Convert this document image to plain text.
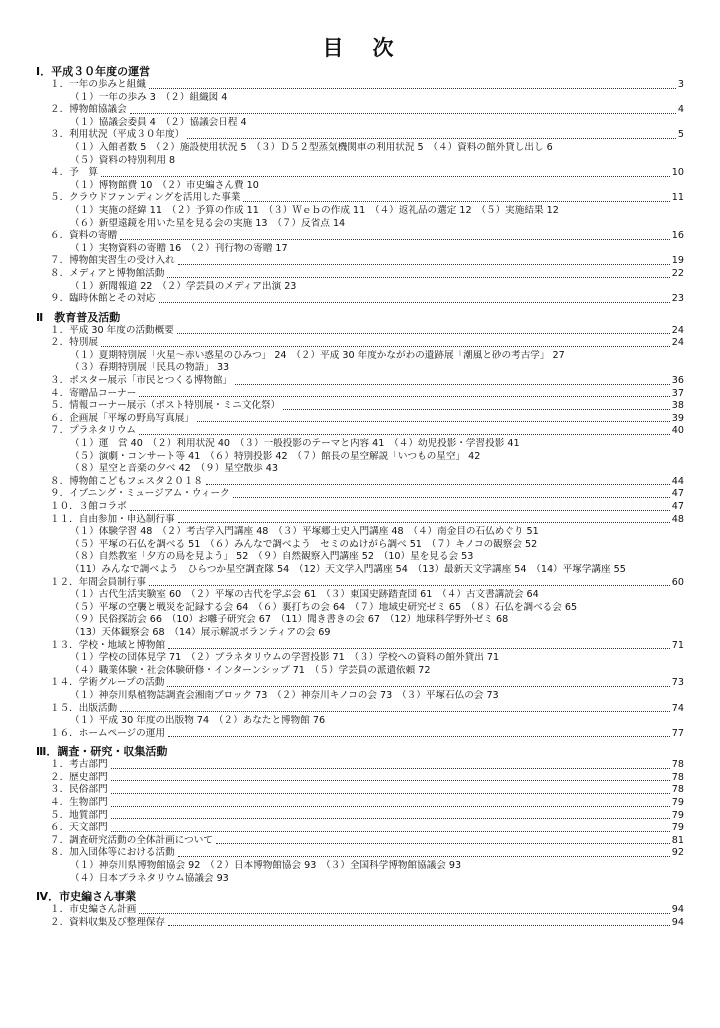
目　次
Ⅰ．平成３０年度の運営
１．一年の歩みと組織	3
（１）一年の歩み 3　（２）組織図 4
２．博物館協議会	4
（１）協議会委員 4　（２）協議会日程 4
３．利用状況（平成３０年度）	5
（１）入館者数 5　（２）施設使用状況 5　（３）Ｄ５２型蒸気機関車の利用状況 5　（４）資料の館外貸し出し 6
（５）資料の特別利用 8
４．予　算	10
（１）博物館費 10　（２）市史編さん費 10
５．クラウドファンディングを活用した事業	11
（１）実施の経緯 11　（２）予算の作成 11　（３）Ｗｅｂの作成 11　（４）返礼品の選定 12　（５）実施結果 12
（６）新望遠鏡を用いた星を見る会の実施 13　（７）反省点 14
６．資料の寄贈	16
（１）実物資料の寄贈 16　（２）刊行物の寄贈 17
７．博物館実習生の受け入れ	19
８．メディアと博物館活動	22
（１）新聞報道 22　（２）学芸員のメディア出演 23
９．臨時休館とその対応	23
Ⅱ　教育普及活動
１．平成 30 年度の活動概要	24
２．特別展	24
（１）夏期特別展「火星～赤い惑星のひみつ」 24　（２）平成 30 年度かながわの遺跡展「潮風と砂の考古学」 27
（３）春期特別展「民具の物語」 33
３．ポスター展示「市民とつくる博物館」	36
４．寄贈品コーナー	37
５．情報コーナー展示（ポスト特別展・ミニ文化祭）	38
６．企画展「平塚の野鳥写真展」	39
７．プラネタリウム	40
（１）運　営 40　（２）利用状況 40　（３）一般投影のテーマと内容 41　（４）幼児投影・学習投影 41
（５）演劇・コンサート等 41　（６）特別投影 42　（７）館長の星空解説「いつもの星空」 42
（８）星空と音楽の夕べ 42　（９）星空散歩 43
８．博物館こどもフェスタ２０１８	44
９．イブニング・ミュージアム・ウィーク	47
１０．３館コラボ	47
１１．自由参加・申込制行事	48
（１）体験学習 48　（２）考古学入門講座 48　（３）平塚郷土史入門講座 48　（４）南金目の石仏めぐり 51
（５）平塚の石仏を調べる 51　（６）みんなで調べよう　セミのぬけがら調べ 51　（７）キノコの観察会 52
（８）自然教室「夕方の鳥を見よう」 52　（９）自然観察入門講座 52　（10）星を見る会 53
（11）みんなで調べよう　ひらつか星空調査隊 54　（12）天文学入門講座 54　（13）最新天文学講座 54　（14）平塚学講座 55
１２．年間会員制行事	60
（１）古代生活実験室 60　（２）平塚の古代を学ぶ会 61　（３）東国史跡踏査団 61　（４）古文書講読会 64
（５）平塚の空襲と戦災を記録する会 64　（６）裏打ちの会 64　（７）地域史研究ゼミ 65　（８）石仏を調べる会 65
（９）民俗探訪会 66　（10）お囃子研究会 67　（11）聞き書きの会 67　（12）地球科学野外ゼミ 68
（13）天体観察会 68　（14）展示解説ボランティアの会 69
１３．学校・地域と博物館	71
（１）学校の団体見学 71　（２）プラネタリウムの学習投影 71　（３）学校への資料の館外貸出 71
（４）職業体験・社会体験研修・インターンシップ 71　（５）学芸員の派遣依頼 72
１４．学術グループの活動	73
（１）神奈川県植物誌調査会湘南ブロック 73　（２）神奈川キノコの会 73　（３）平塚石仏の会 73
１５．出版活動	74
（１）平成 30 年度の出版物 74　（２）あなたと博物館 76
１６．ホームページの運用	77
Ⅲ．調査・研究・収集活動
１．考古部門	78
２．歴史部門	78
３．民俗部門	78
４．生物部門	79
５．地質部門	79
６．天文部門	79
７．調査研究活動の全体計画について	81
８．加入団体等における活動	92
（１）神奈川県博物館協会 92　（２）日本博物館協会 93　（３）全国科学博物館協議会 93
（４）日本プラネタリウム協議会 93
Ⅳ．市史編さん事業
１．市史編さん計画	94
２．資料収集及び整理保存	94
